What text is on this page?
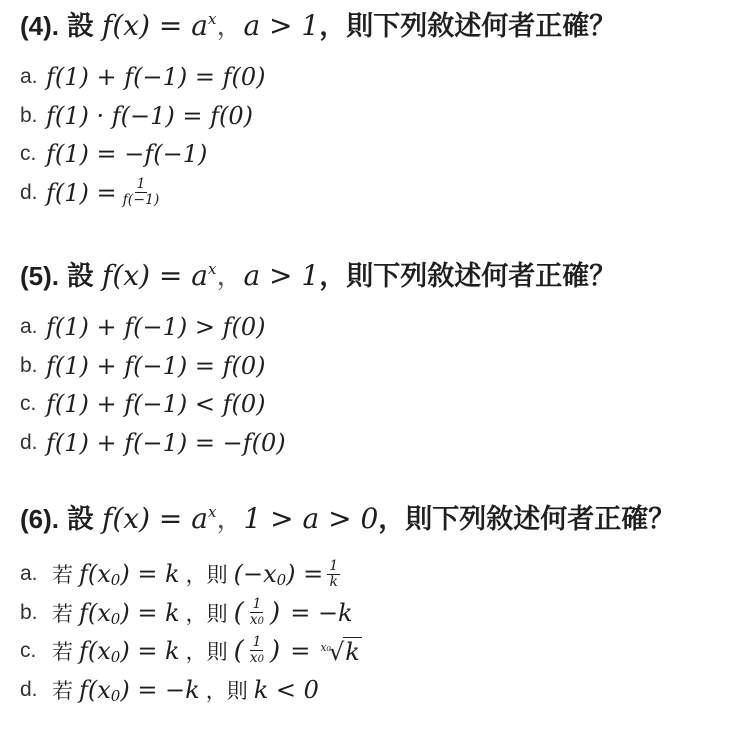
(4). 設 f(x) = a x ， a > 1 ，則下列敘述何者正確？
a. f(1) + f(−1) = f(0)
b. f(1) · f(−1) = f(0)
c. f(1) = −f(−1)
d. $f(1) = \frac{1}{f(-1)}$
(5). 設 f(x) = a x ， a > 1 ，則下列敘述何者正確？
a. f(1) + f(−1) > f(0)
b. f(1) + f(−1) = f(0)
c. f(1) + f(−1) < f(0)
d. f(1) + f(−1) = −f(0)
(6). 設 f(x) = a x ， 1 > a > 0 ，則下列敘述何者正確？
a. 若 f(x 0 ) = k ，則 (−x 0 ) = $\frac{1}{k}$
b. 若 f(x 0 ) = k ，則 ( $\frac{1}{x0}$ ) = −k
c. 若 f(x 0 ) = k ，則 ( $\frac{1}{x0}$ ) = x₀
√ k
d. 若 f(x 0 ) = −k ，則 k < 0
